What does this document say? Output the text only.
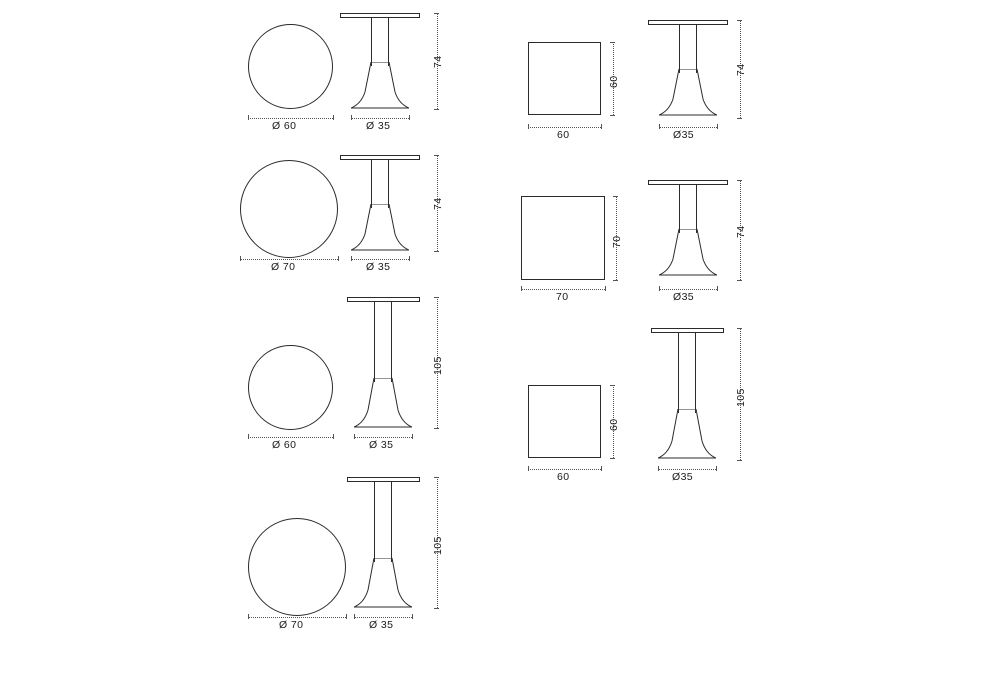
Ø 60	Ø 35
74
Ø 70	Ø 35
74
Ø 60	Ø 35
105
Ø 70	Ø 35
105
60
60
Ø35
74
70
70
Ø35
74
60
60
Ø35
105
